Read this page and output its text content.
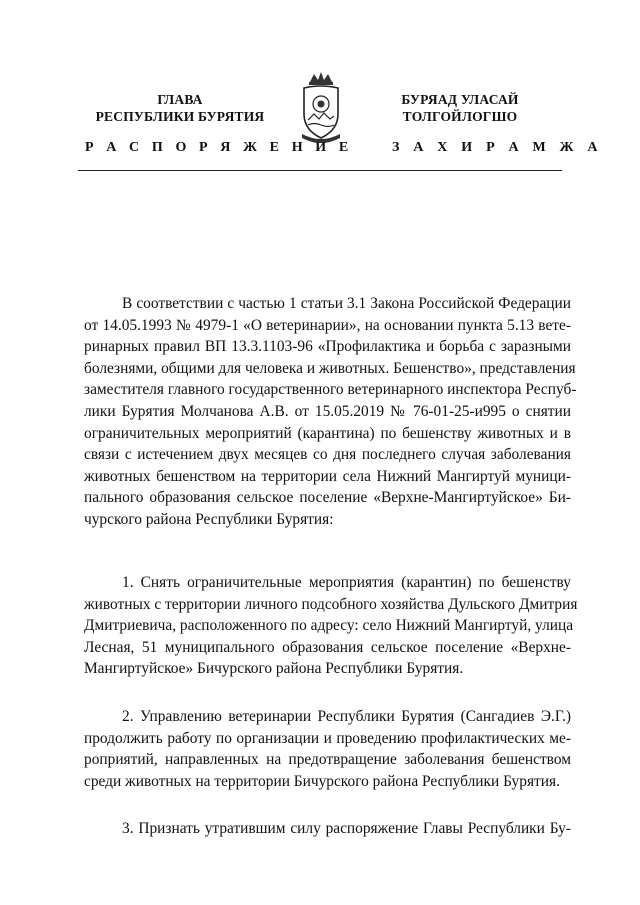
ГЛАВА
РЕСПУБЛИКИ БУРЯТИЯ
БУРЯАД УЛАСАЙ
ТОЛГОЙЛОГШО
Р А С П О Р Я Ж Е Н И Е	З А Х И Р А М Ж А
В соответствии с частью 1 статьи 3.1 Закона Российской Федерации
от 14.05.1993 № 4979-1 «О ветеринарии», на основании пункта 5.13 вете-
ринарных правил ВП 13.3.1103-96 «Профилактика и борьба с заразными
болезнями, общими для человека и животных. Бешенство», представления
заместителя главного государственного ветеринарного инспектора Респуб-
лики Бурятия Молчанова А.В. от 15.05.2019 № 76-01-25-и995 о снятии
ограничительных мероприятий (карантина) по бешенству животных и в
связи с истечением двух месяцев со дня последнего случая заболевания
животных бешенством на территории села Нижний Мангиртуй муници-
пального образования сельское поселение «Верхне-Мангиртуйское» Би-
чурского района Республики Бурятия:
1. Снять ограничительные мероприятия (карантин) по бешенству
животных с территории личного подсобного хозяйства Дульского Дмитрия
Дмитриевича, расположенного по адресу: село Нижний Мангиртуй, улица
Лесная, 51 муниципального образования сельское поселение «Верхне-
Мангиртуйское» Бичурского района Республики Бурятия.
2. Управлению ветеринарии Республики Бурятия (Сангадиев Э.Г.)
продолжить работу по организации и проведению профилактических ме-
роприятий, направленных на предотвращение заболевания бешенством
среди животных на территории Бичурского района Республики Бурятия.
3. Признать утратившим силу распоряжение Главы Республики Бу-
